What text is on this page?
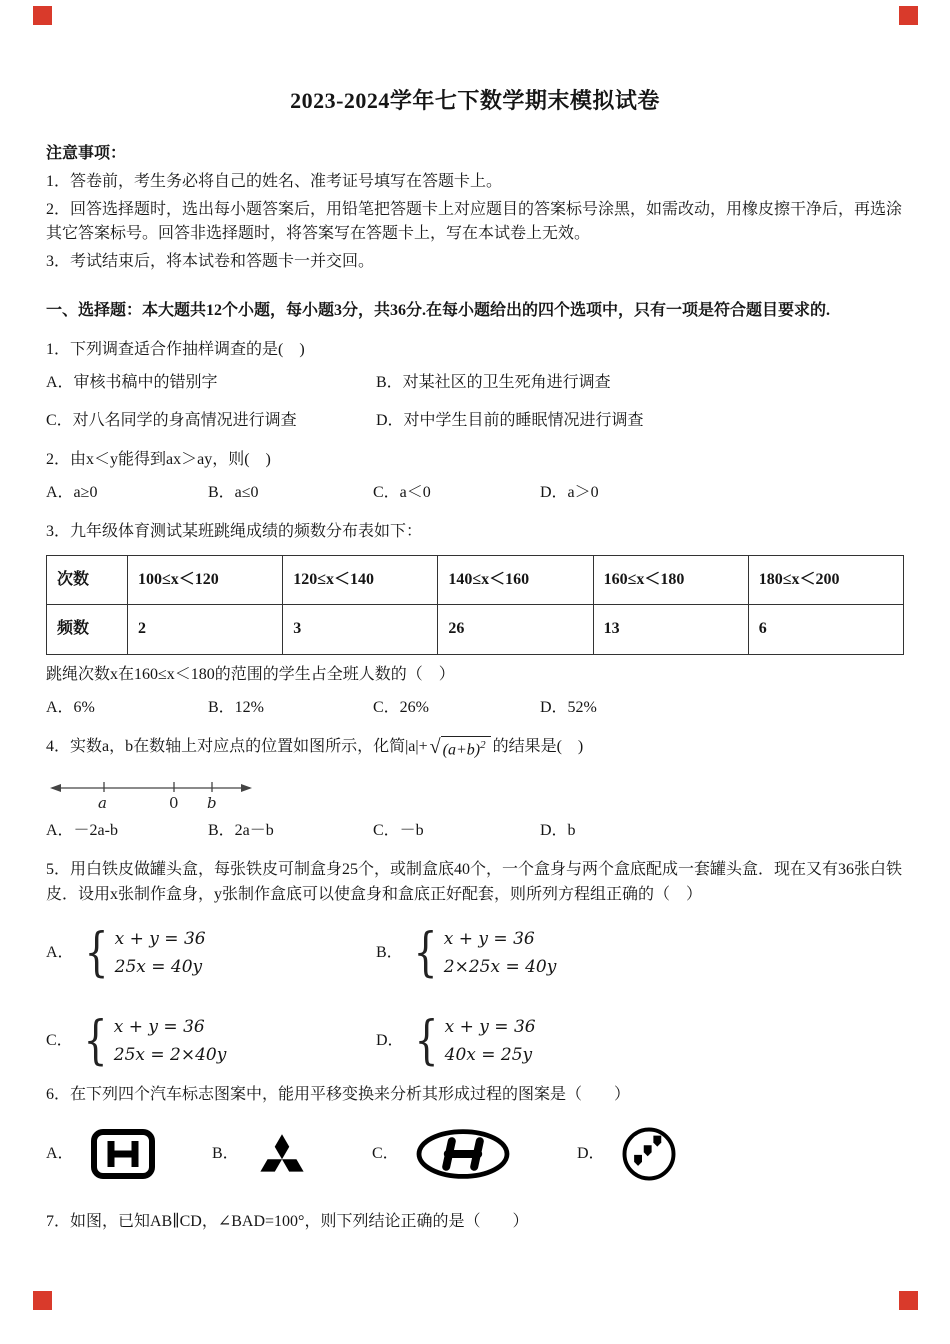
2023-2024学年七下数学期末模拟试卷

注意事项：

1．答卷前，考生务必将自己的姓名、准考证号填写在答题卡上。

2．回答选择题时，选出每小题答案后，用铅笔把答题卡上对应题目的答案标号涂黑，如需改动，用橡皮擦干净后，再选涂其它答案标号。回答非选择题时，将答案写在答题卡上，写在本试卷上无效。

3．考试结束后，将本试卷和答题卡一并交回。

一、选择题：本大题共12个小题，每小题3分，共36分.在每小题给出的四个选项中，只有一项是符合题目要求的.

1．下列调查适合作抽样调查的是(　)

A．审核书稿中的错别字	B．对某社区的卫生死角进行调查
C．对八名同学的身高情况进行调查	D．对中学生目前的睡眠情况进行调查

2．由x＜y能得到ax＞ay，则(　)

A．a≥0	B．a≤0	C．a＜0	D．a＞0

3．九年级体育测试某班跳绳成绩的频数分布表如下：

次数	100≤x＜120	120≤x＜140	140≤x＜160	160≤x＜180	180≤x＜200
频数	2	3	26	13	6

跳绳次数x在160≤x＜180的范围的学生占全班人数的（　）

A．6%	B．12%	C．26%	D．52%

4．实数a，b在数轴上对应点的位置如图所示，化简|a|+ √ $(a+b)^2$ 的结果是(　)

a	0 b
A．－2a-b	B．2a－b	C．－b	D．b

5．用白铁皮做罐头盒，每张铁皮可制盒身25个，或制盒底40个，一个盒身与两个盒底配成一套罐头盒．现在又有36张白铁皮．设用x张制作盒身，y张制作盒底可以使盒身和盒底正好配套，则所列方程组正确的（　）

A． { x + y = 36
25x = 40y
B． { x + y = 36
2×25x = 40y
C． { x + y = 36
25x = 2×40y
D． { x + y = 36
40x = 25y

6．在下列四个汽车标志图案中，能用平移变换来分析其形成过程的图案是（　　）

A．	B．	C．	D．

7．如图，已知AB∥CD，∠BAD=100°，则下列结论正确的是（　　）
